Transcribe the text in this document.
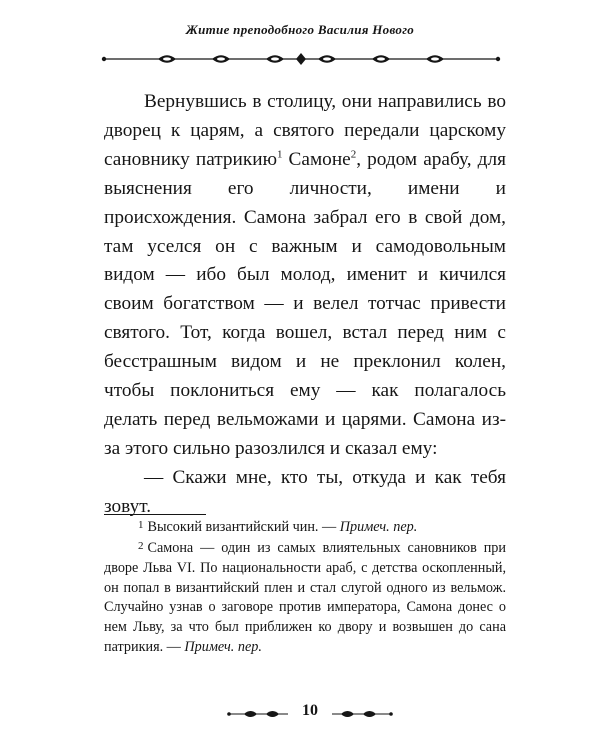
Житие преподобного Василия Нового

Вернувшись в столицу, они направились во дворец к царям, а святого передали царскому сановнику патрикию$^1$ Самоне$^2$, родом арабу, для выяснения его личности, имени и происхождения. Самона забрал его в свой дом, там уселся он с важным и самодовольным видом — ибо был молод, именит и кичился своим богатством — и велел тотчас привести святого. Тот, когда вошел, встал перед ним с бесстрашным видом и не преклонил колен, чтобы поклониться ему — как полагалось делать перед вельможами и царями. Самона из-за этого сильно разозлился и сказал ему:

— Скажи мне, кто ты, откуда и как тебя зовут.

$^1$ Высокий византийский чин. — Примеч. пер.

$^2$ Самона — один из самых влиятельных сановников при дворе Льва VI. По национальности араб, с детства оскопленный, он попал в византийский плен и стал слугой одного из вельмож. Случайно узнав о заговоре против императора, Самона донес о нем Льву, за что был приближен ко двору и возвышен до сана патрикия. — Примеч. пер.

10
